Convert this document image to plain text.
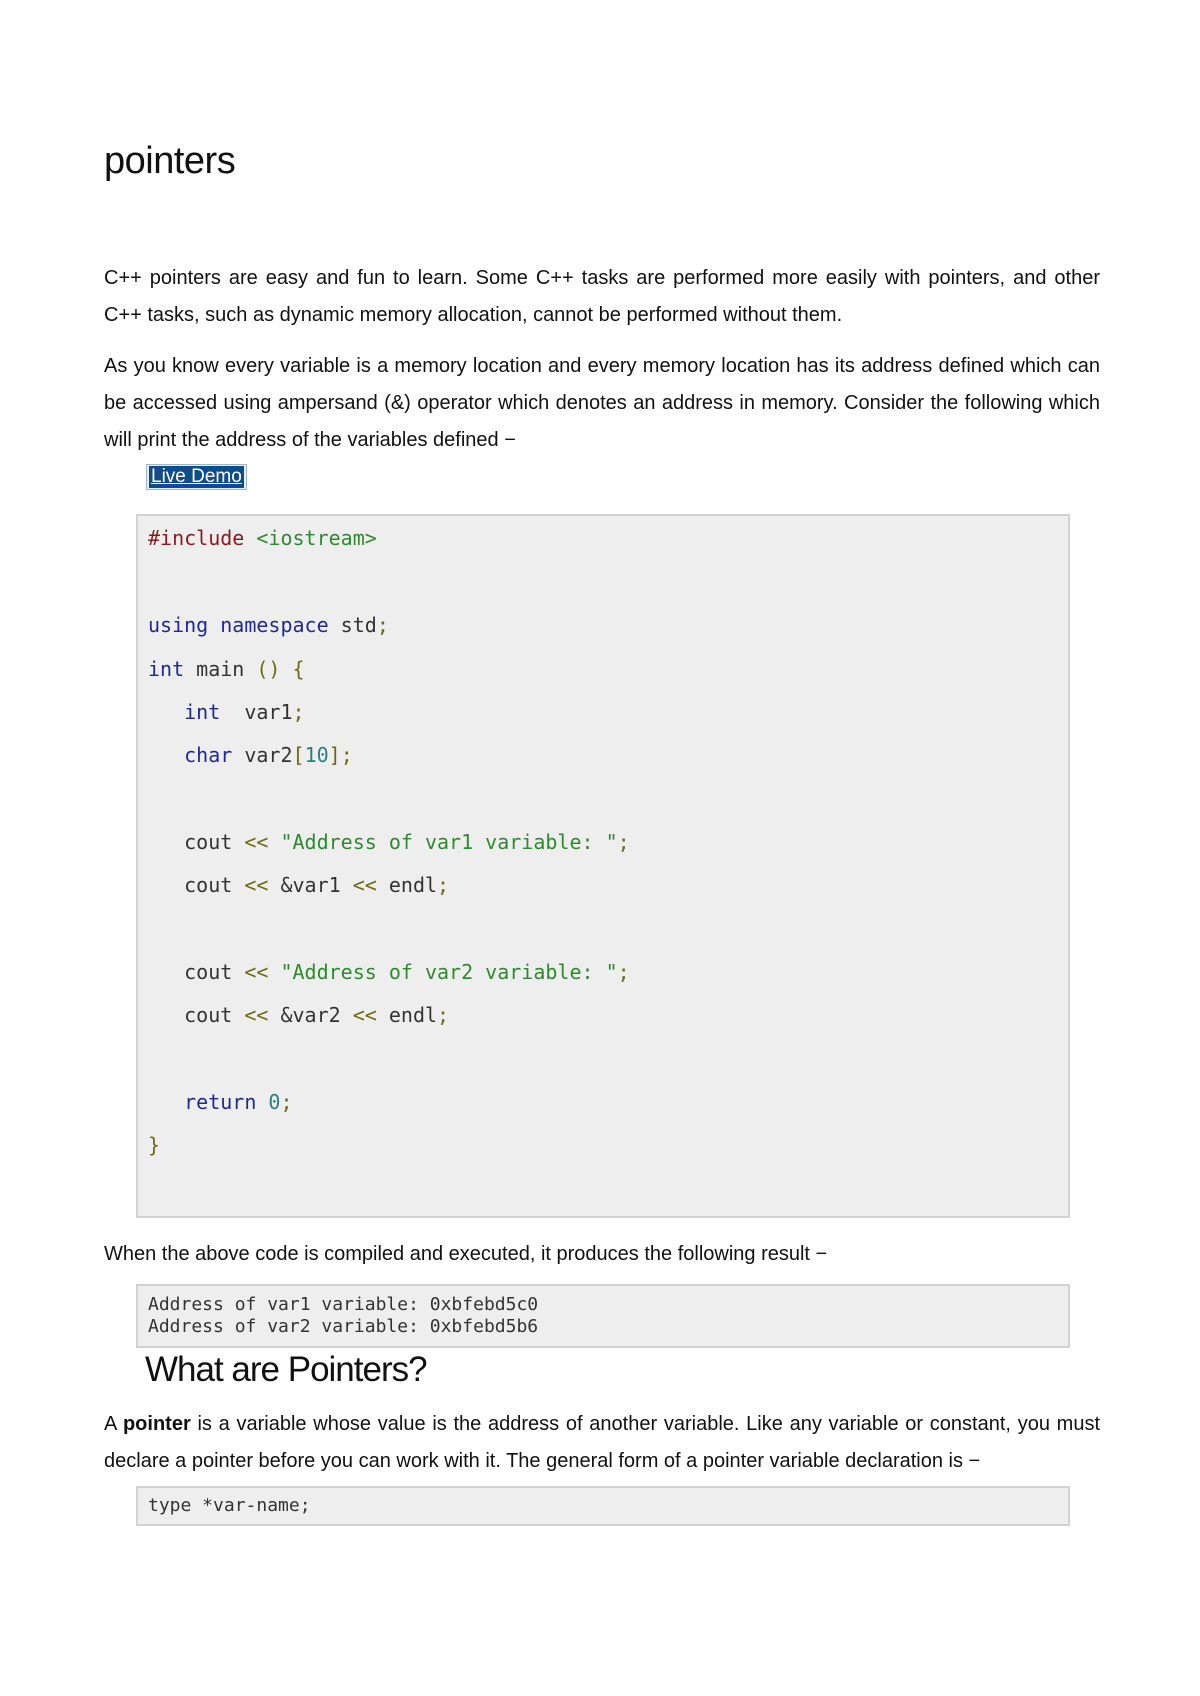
pointers

C++ pointers are easy and fun to learn. Some C++ tasks are performed more easily with pointers, and other C++ tasks, such as dynamic memory allocation, cannot be performed without them.

As you know every variable is a memory location and every memory location has its address defined which can be accessed using ampersand (&) operator which denotes an address in memory. Consider the following which will print the address of the variables defined −

Live Demo
#include <iostream>
using namespace std;
int main () {
int  var1;
char var2[10];
cout << "Address of var1 variable: ";
cout << &var1 << endl;
cout << "Address of var2 variable: ";
cout << &var2 << endl;
return 0;
}

When the above code is compiled and executed, it produces the following result −

Address of var1 variable: 0xbfebd5c0
Address of var2 variable: 0xbfebd5b6
What are Pointers?

A pointer is a variable whose value is the address of another variable. Like any variable or constant, you must declare a pointer before you can work with it. The general form of a pointer variable declaration is −

type *var-name;
